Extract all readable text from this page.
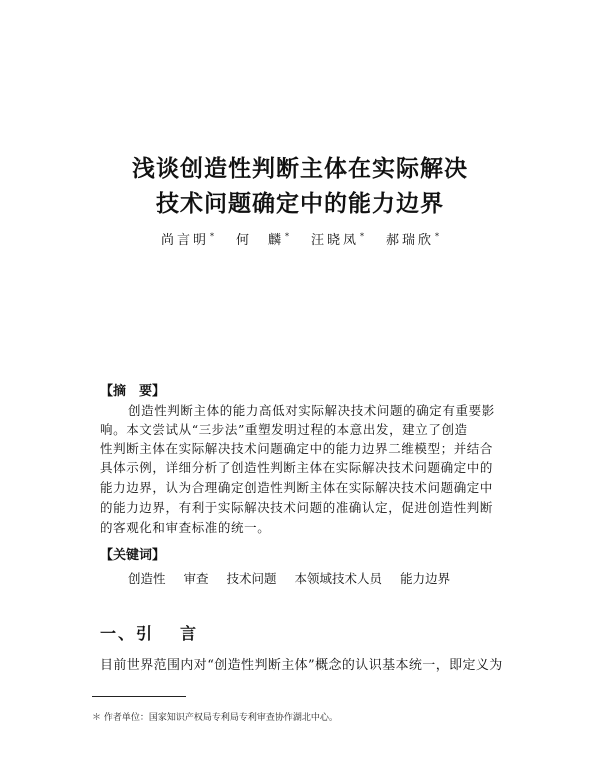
浅谈创造性判断主体在实际解决
技术问题确定中的能力边界
尚言明* 何　麟* 汪晓凤* 郝瑞欣*
【摘　要】
创造性判断主体的能力高低对实际解决技术问题的确定有重要影
响。本文尝试从“三步法”重塑发明过程的本意出发，建立了创造
性判断主体在实际解决技术问题确定中的能力边界二维模型；并结合
具体示例，详细分析了创造性判断主体在实际解决技术问题确定中的
能力边界，认为合理确定创造性判断主体在实际解决技术问题确定中
的能力边界，有利于实际解决技术问题的准确认定，促进创造性判断
的客观化和审查标准的统一。
【关键词】
创造性 审查 技术问题 本领域技术人员 能力边界
一、引 言
目前世界范围内对“创造性判断主体”概念的认识基本统一，即定义为
＊ 作者单位：国家知识产权局专利局专利审查协作湖北中心。
